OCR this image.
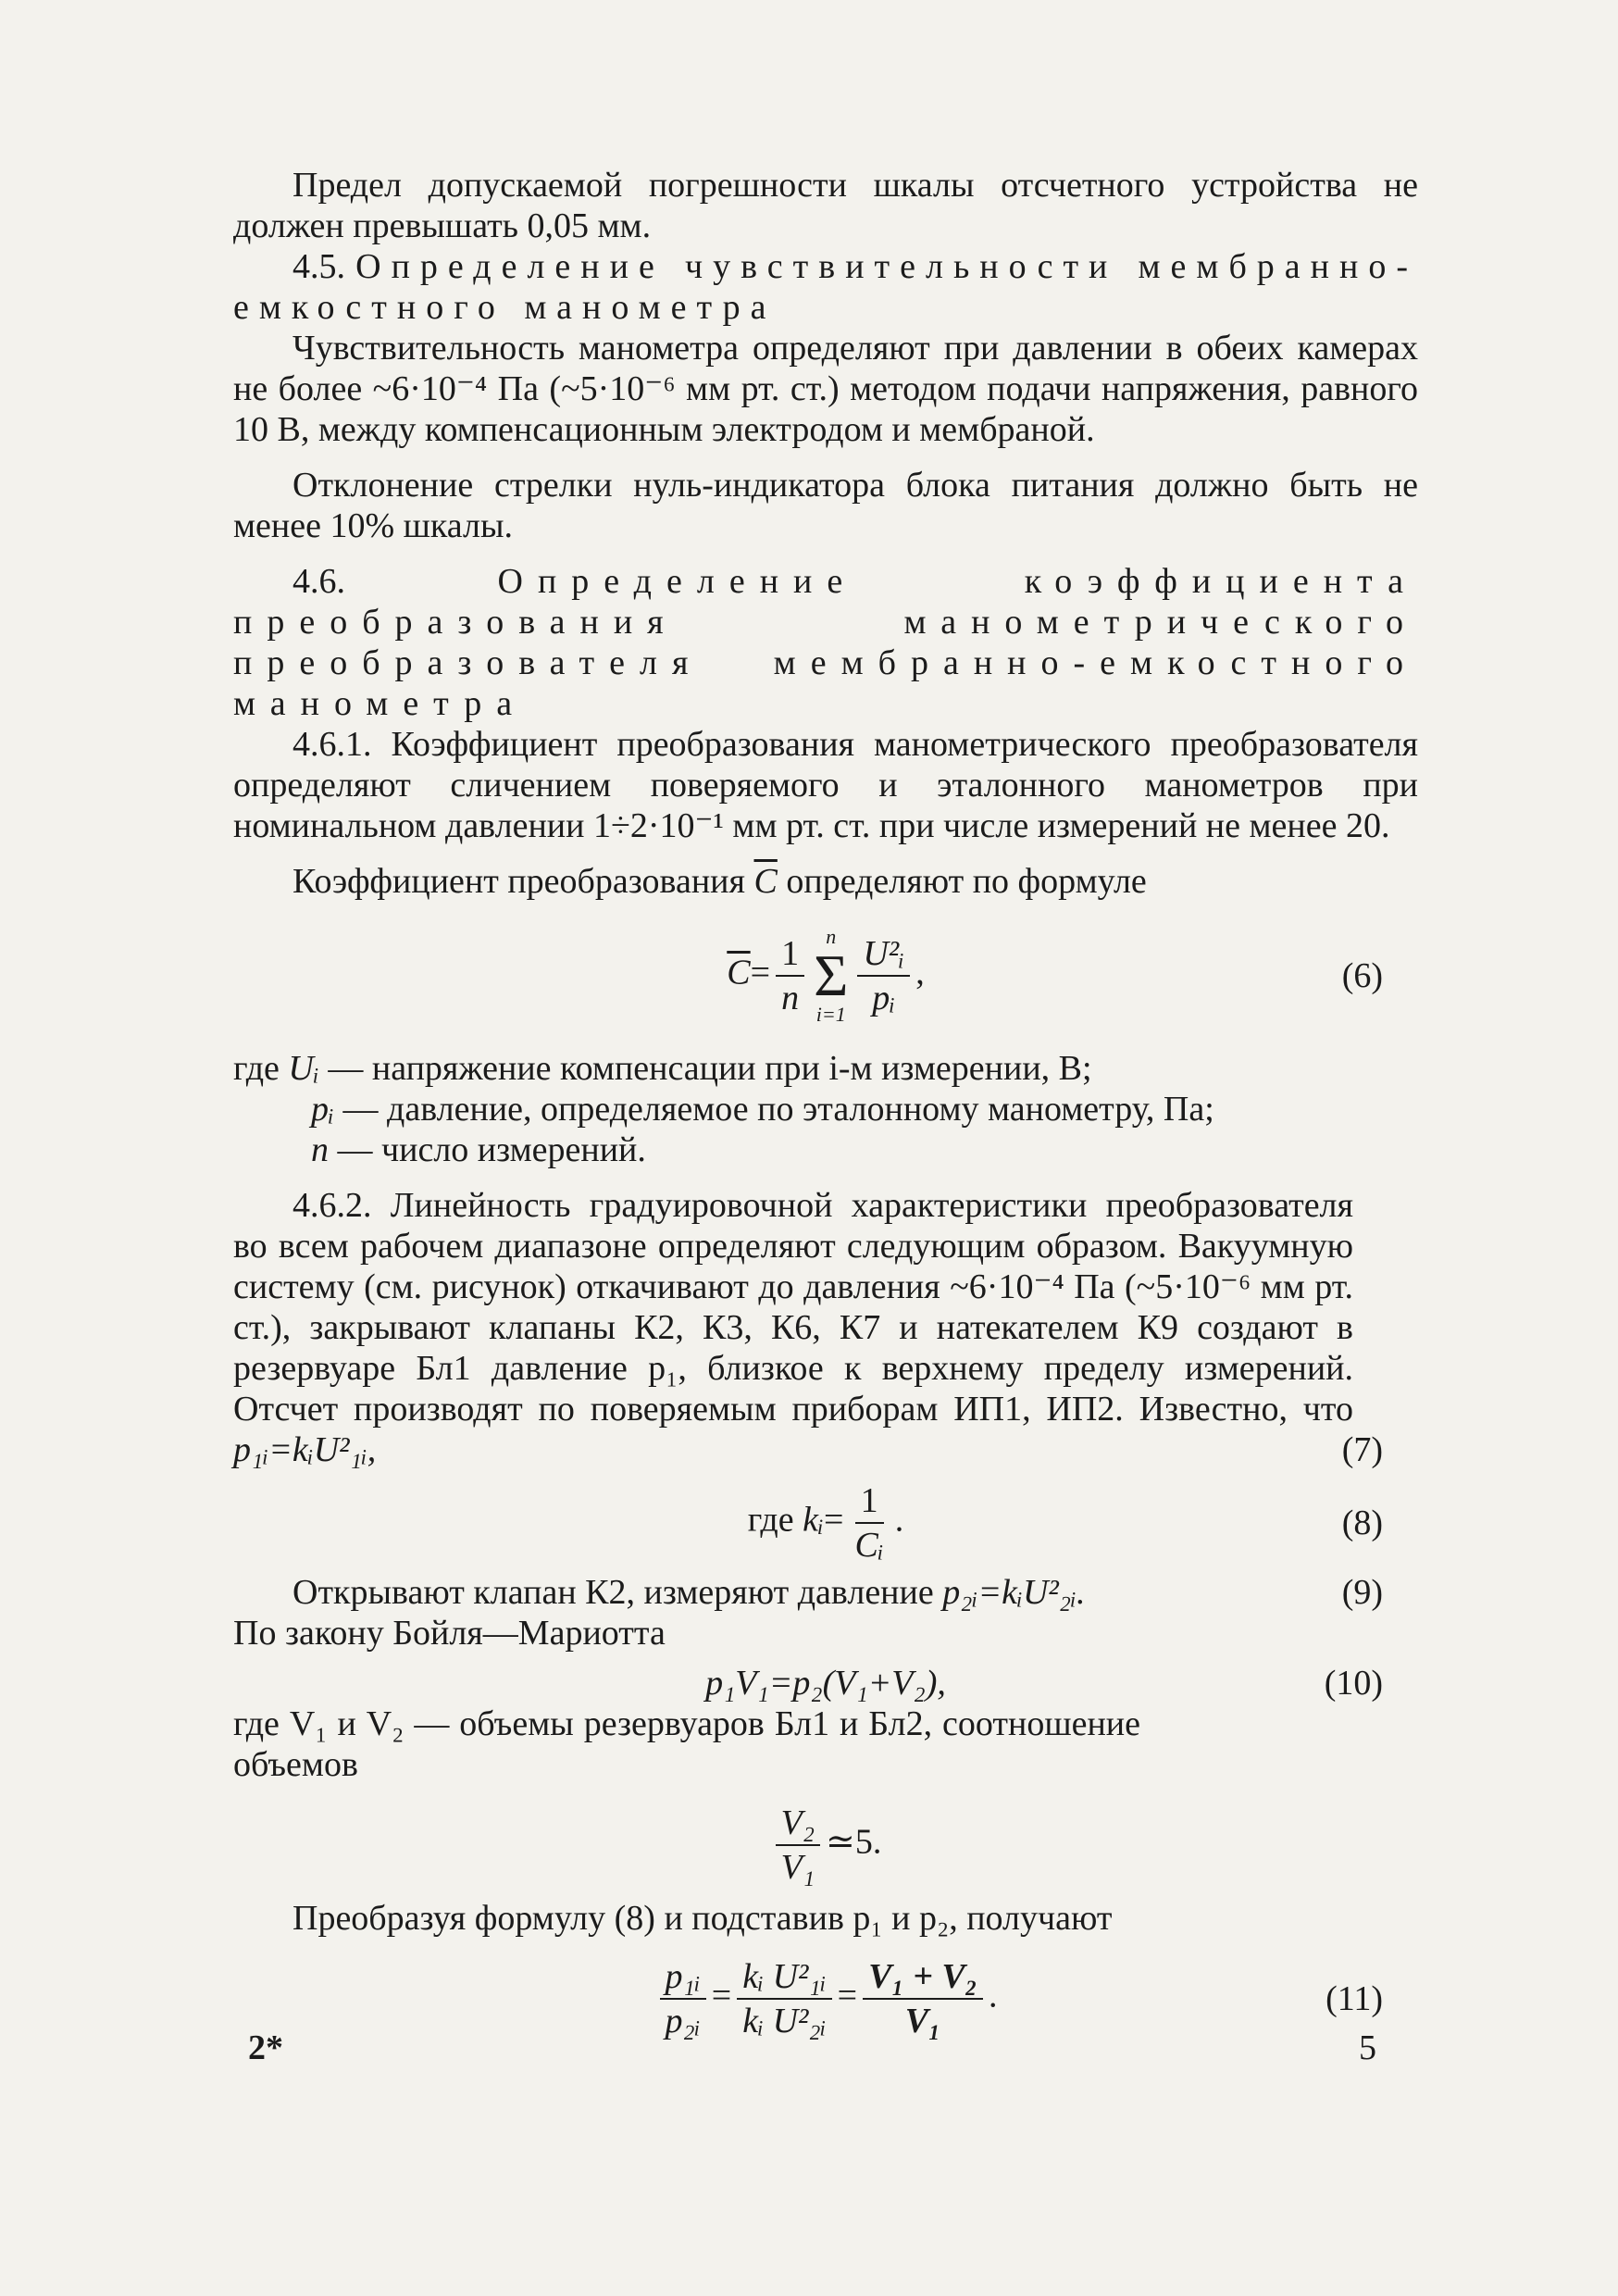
Предел допускаемой погрешности шкалы отсчетного устройства не должен превышать 0,05 мм.

4.5. Определение чувствительности мембранно-емкостного манометра

Чувствительность манометра определяют при давлении в обеих камерах не более ~6·10⁻⁴ Па (~5·10⁻⁶ мм рт. ст.) методом подачи напряжения, равного 10 В, между компенсационным электродом и мембраной.

Отклонение стрелки нуль-индикатора блока питания должно быть не менее 10% шкалы.

4.6.	Определение коэффициента преобразования манометрического преобразователя мембранно-емкостного манометра

4.6.1. Коэффициент преобразования манометрического преобразователя определяют сличением поверяемого и эталонного манометров при номинальном давлении 1÷2·10⁻¹ мм рт. ст. при числе измерений не менее 20.

Коэффициент преобразования $\overline{C}$ определяют по формуле

$\overline{C}= \frac{1}{n}$ n
Σ
$i=1 \frac{\text{U²ᵢ}}{\text{pᵢ}}$ ,	(6)
где Uᵢ — напряжение компенсации при i-м измерении, В;
pᵢ — давление, определяемое по эталонному манометру, Па;
n — число измерений.

4.6.2. Линейность градуировочной характеристики преобразователя во всем рабочем диапазоне определяют следующим образом. Вакуумную систему (см. рисунок) откачивают до давления ~6·10⁻⁴ Па (~5·10⁻⁶ мм рт. ст.), закрывают клапаны К2, К3, К6, К7 и натекателем К9 создают в резервуаре Бл1 давление p₁, близкое к верхнему пределу измерений. Отсчет производят по поверяемым приборам ИП1, ИП2. Известно, что p₁ᵢ=kᵢU²₁ᵢ,	(7)
где kᵢ= $\frac{1}{\text{Cᵢ}}$ .	(8)
Открывают клапан К2, измеряют давление p₂ᵢ=kᵢU²₂ᵢ.	(9)

По закону Бойля—Мариотта

p₁V₁=p₂(V₁+V₂),	(10)

где V₁ и V₂ — объемы резервуаров Бл1 и Бл2, соотношение объемов

$\frac{\text{V₂}}{\text{V₁}}$ ≃5.

Преобразуя формулу (8) и подставив p₁ и p₂, получают

$\frac{\text{p₁ᵢ}}{\text{p₂ᵢ}} = \frac{\text{kᵢ U²₁ᵢ}}{\text{kᵢ U²₂ᵢ}} = \frac{\text{V₁ + V₂}}{\text{V₁}}$ .	(11)
2*	5
